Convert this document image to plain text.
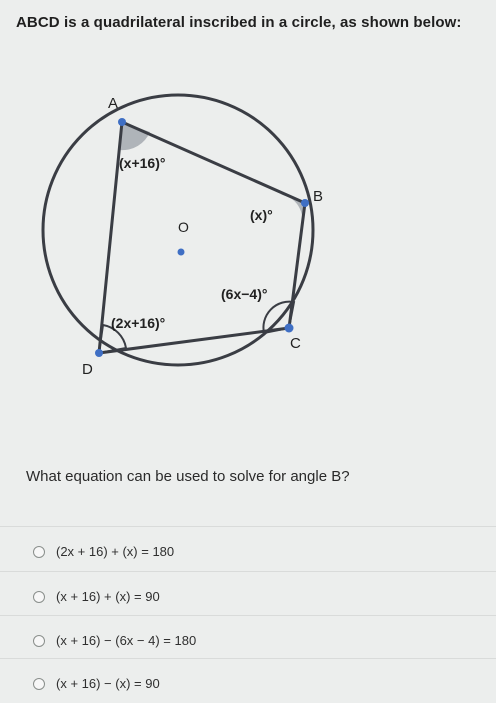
ABCD is a quadrilateral inscribed in a circle, as shown below:
A
B
C
D
O
(x+16)°
(x)°
(6x−4)°
(2x+16)°
What equation can be used to solve for angle B?
(2x + 16) + (x) = 180
(x + 16) + (x) = 90
(x + 16) − (6x − 4) = 180
(x + 16) − (x) = 90
